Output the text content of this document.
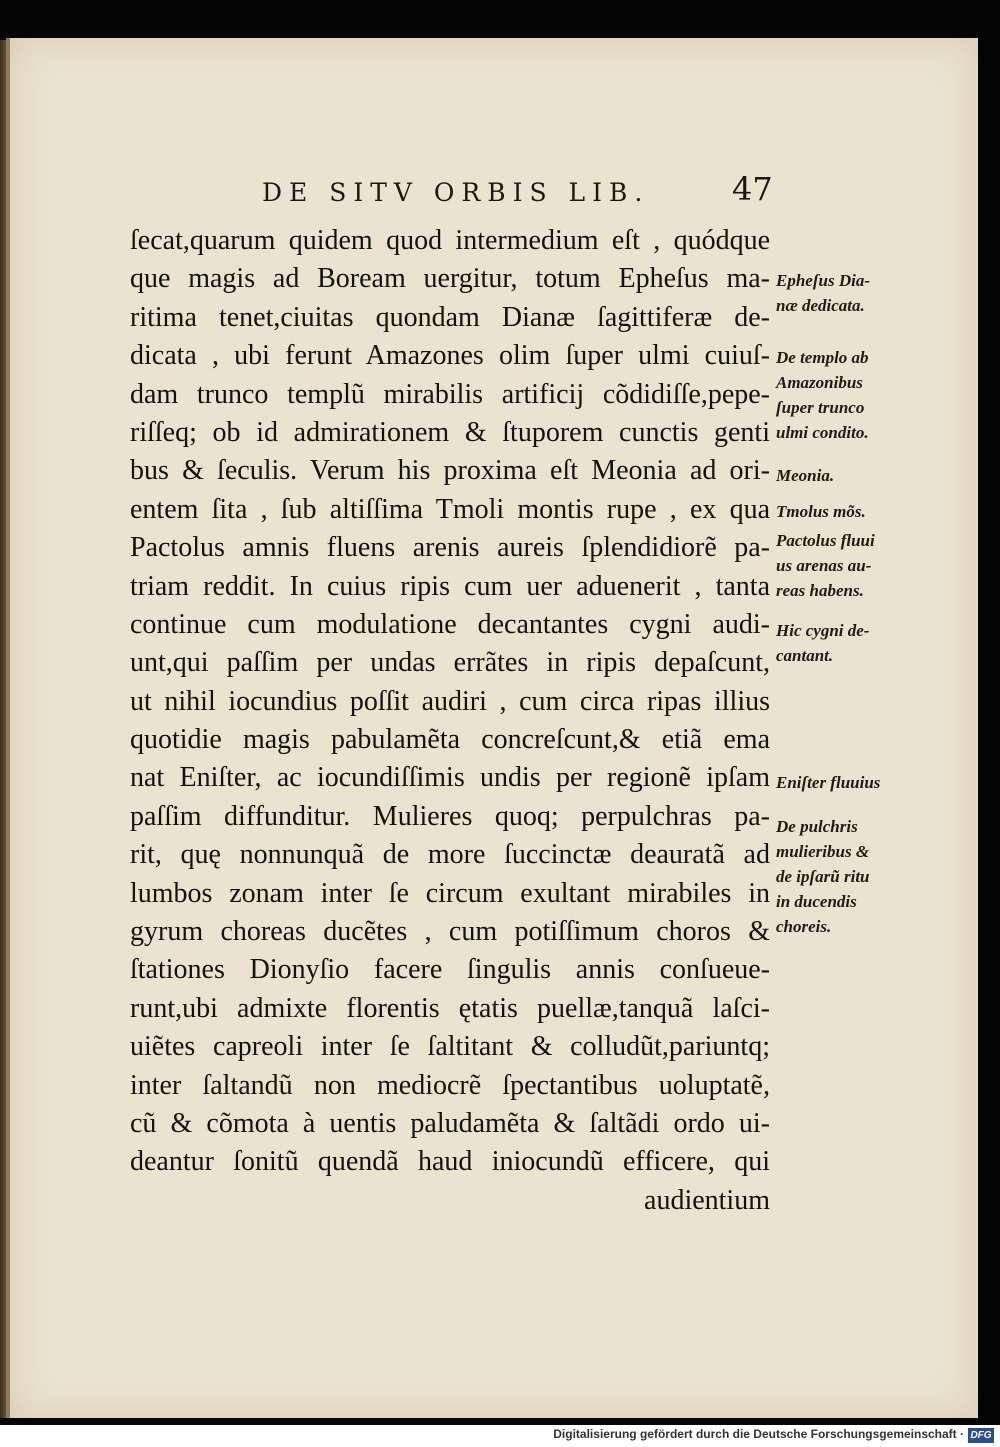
DE SITV ORBIS LIB.	47
ſecat,quarum quidem quod intermedium eſt , quódque
que magis ad Boream uergitur, totum Epheſus ma-
ritima tenet,ciuitas quondam Dianæ ſagittiferæ de-
dicata , ubi ferunt Amazones olim ſuper ulmi cuiuſ-
dam trunco templũ mirabilis artificij cõdidiſſe,pepe-
riſſeq; ob id admirationem & ſtuporem cunctis genti
bus & ſeculis. Verum his proxima eſt Meonia ad ori-
entem ſita , ſub altiſſima Tmoli montis rupe , ex qua
Pactolus amnis fluens arenis aureis ſplendidiorẽ pa-
triam reddit. In cuius ripis cum uer aduenerit , tanta
continue cum modulatione decantantes cygni audi-
unt,qui paſſim per undas errãtes in ripis depaſcunt,
ut nihil iocundius poſſit audiri , cum circa ripas illius
quotidie magis pabulamẽta concreſcunt,& etiã ema
nat Eniſter, ac iocundiſſimis undis per regionẽ ipſam
paſſim diffunditur. Mulieres quoq; perpulchras pa-
rit, quę nonnunquã de more ſuccinctæ deauratã ad
lumbos zonam inter ſe circum exultant mirabiles in
gyrum choreas ducẽtes , cum potiſſimum choros &
ſtationes Dionyſio facere ſingulis annis conſueue-
runt,ubi admixte florentis ętatis puellæ,tanquã laſci-
uiẽtes capreoli inter ſe ſaltitant & colludũt,pariuntq;
inter ſaltandũ non mediocrẽ ſpectantibus uoluptatẽ,
cũ & cõmota à uentis paludamẽta & ſaltãdi ordo ui-
deantur ſonitũ quendã haud iniocundũ efficere, qui
audientium
Epheſus Dia-
næ dedicata.
De templo ab
Amazonibus
ſuper trunco
ulmi condito.
Meonia.
Tmolus mõs.
Pactolus fluui
us arenas au-
reas habens.
Hic cygni de-
cantant.
Eniſter fluuius
De pulchris
mulieribus &
de ipſarũ ritu
in ducendis
choreis.
Digitalisierung gefördert durch die Deutsche Forschungsgemeinschaft · DFG
